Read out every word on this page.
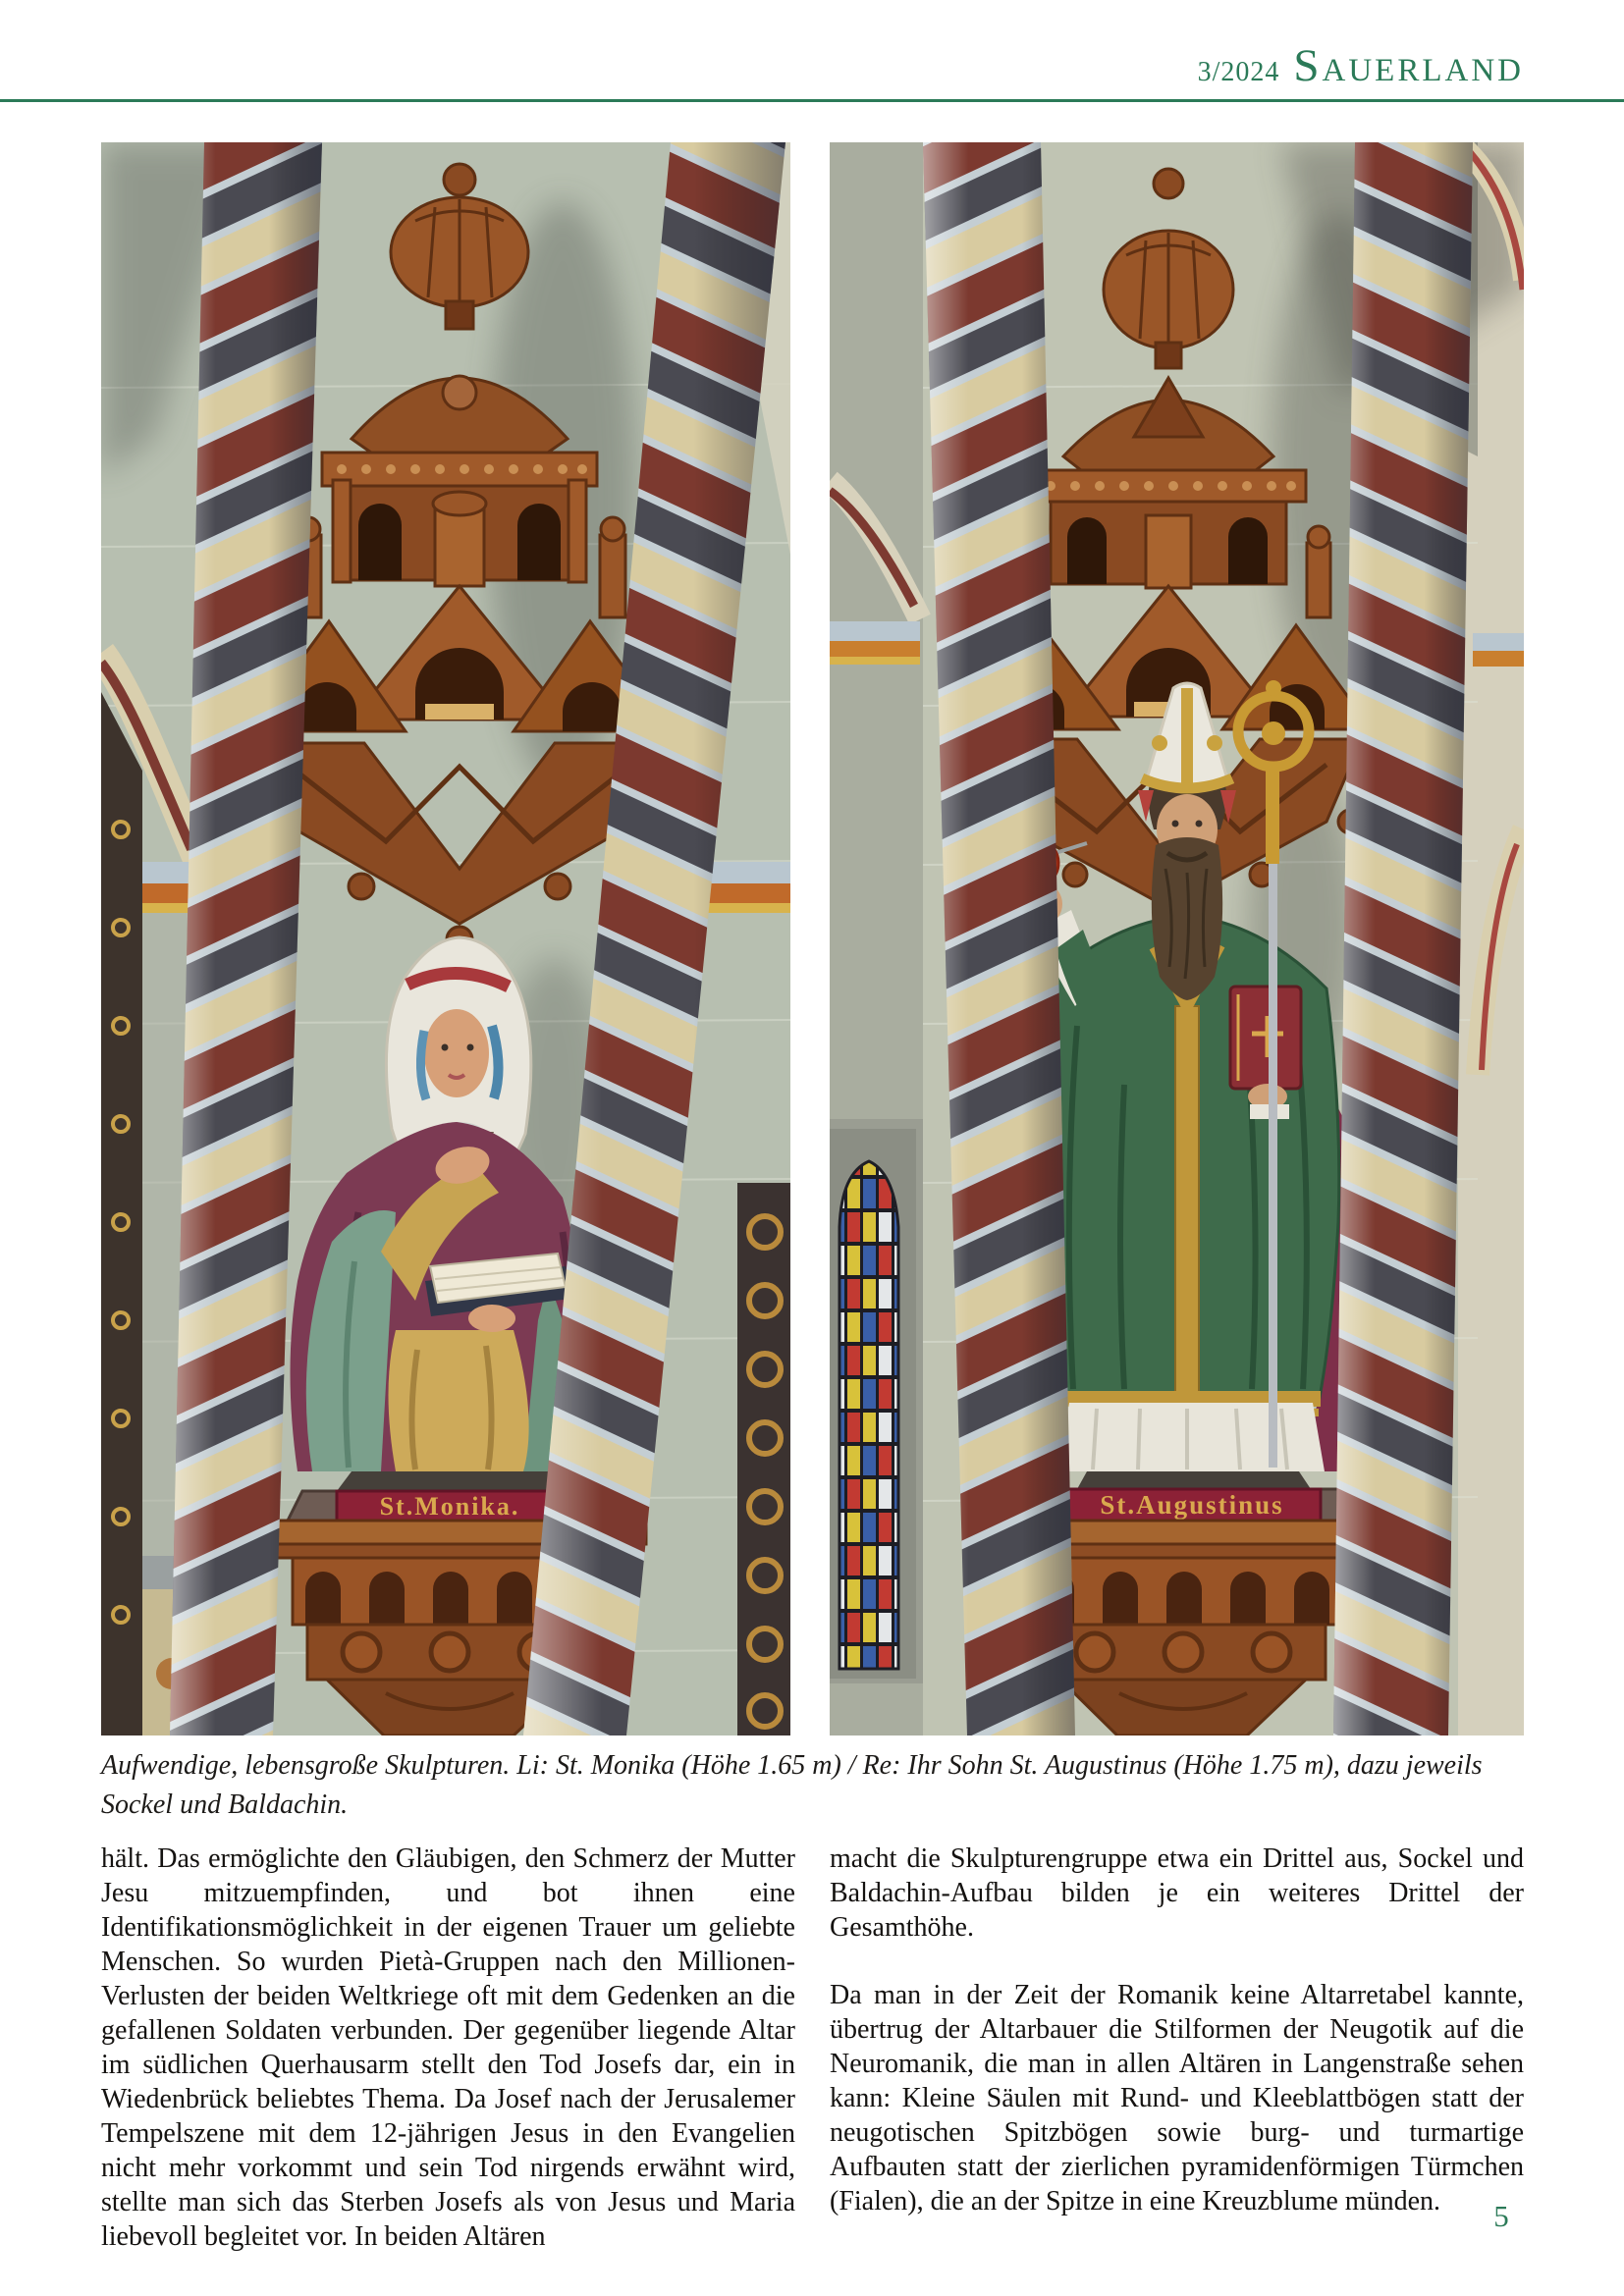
3/2024 Sauerland
St.Monika.	St.Augustinus
Aufwendige, lebensgroße Skulpturen. Li: St. Monika (Höhe 1.65 m) / Re: Ihr Sohn St. Augustinus (Höhe 1.75 m), dazu jeweils Sockel und Baldachin.

hält. Das ermöglichte den Gläubigen, den Schmerz der Mutter Jesu mitzuempfinden, und bot ihnen eine Identifikationsmöglichkeit in der eigenen Trauer um geliebte Menschen. So wurden Pietà-Gruppen nach den Millionen-Verlusten der beiden Weltkriege oft mit dem Gedenken an die gefallenen Soldaten verbunden. Der gegenüber liegende Altar im südlichen Querhausarm stellt den Tod Josefs dar, ein in Wiedenbrück beliebtes Thema. Da Josef nach der Jerusalemer Tempelszene mit dem 12-jährigen Jesus in den Evangelien nicht mehr vorkommt und sein Tod nirgends erwähnt wird, stellte man sich das Sterben Josefs als von Jesus und Maria liebevoll begleitet vor. In beiden Altären

macht die Skulpturengruppe etwa ein Drittel aus, Sockel und Baldachin-Aufbau bilden je ein weiteres Drittel der Gesamthöhe.

Da man in der Zeit der Romanik keine Altarretabel kannte, übertrug der Altarbauer die Stilformen der Neugotik auf die Neuromanik, die man in allen Altären in Langenstraße sehen kann: Kleine Säulen mit Rund- und Kleeblattbögen statt der neugotischen Spitzbögen sowie burg- und turmartige Aufbauten statt der zierlichen pyramidenförmigen Türmchen (Fialen), die an der Spitze in eine Kreuzblume münden.	5
